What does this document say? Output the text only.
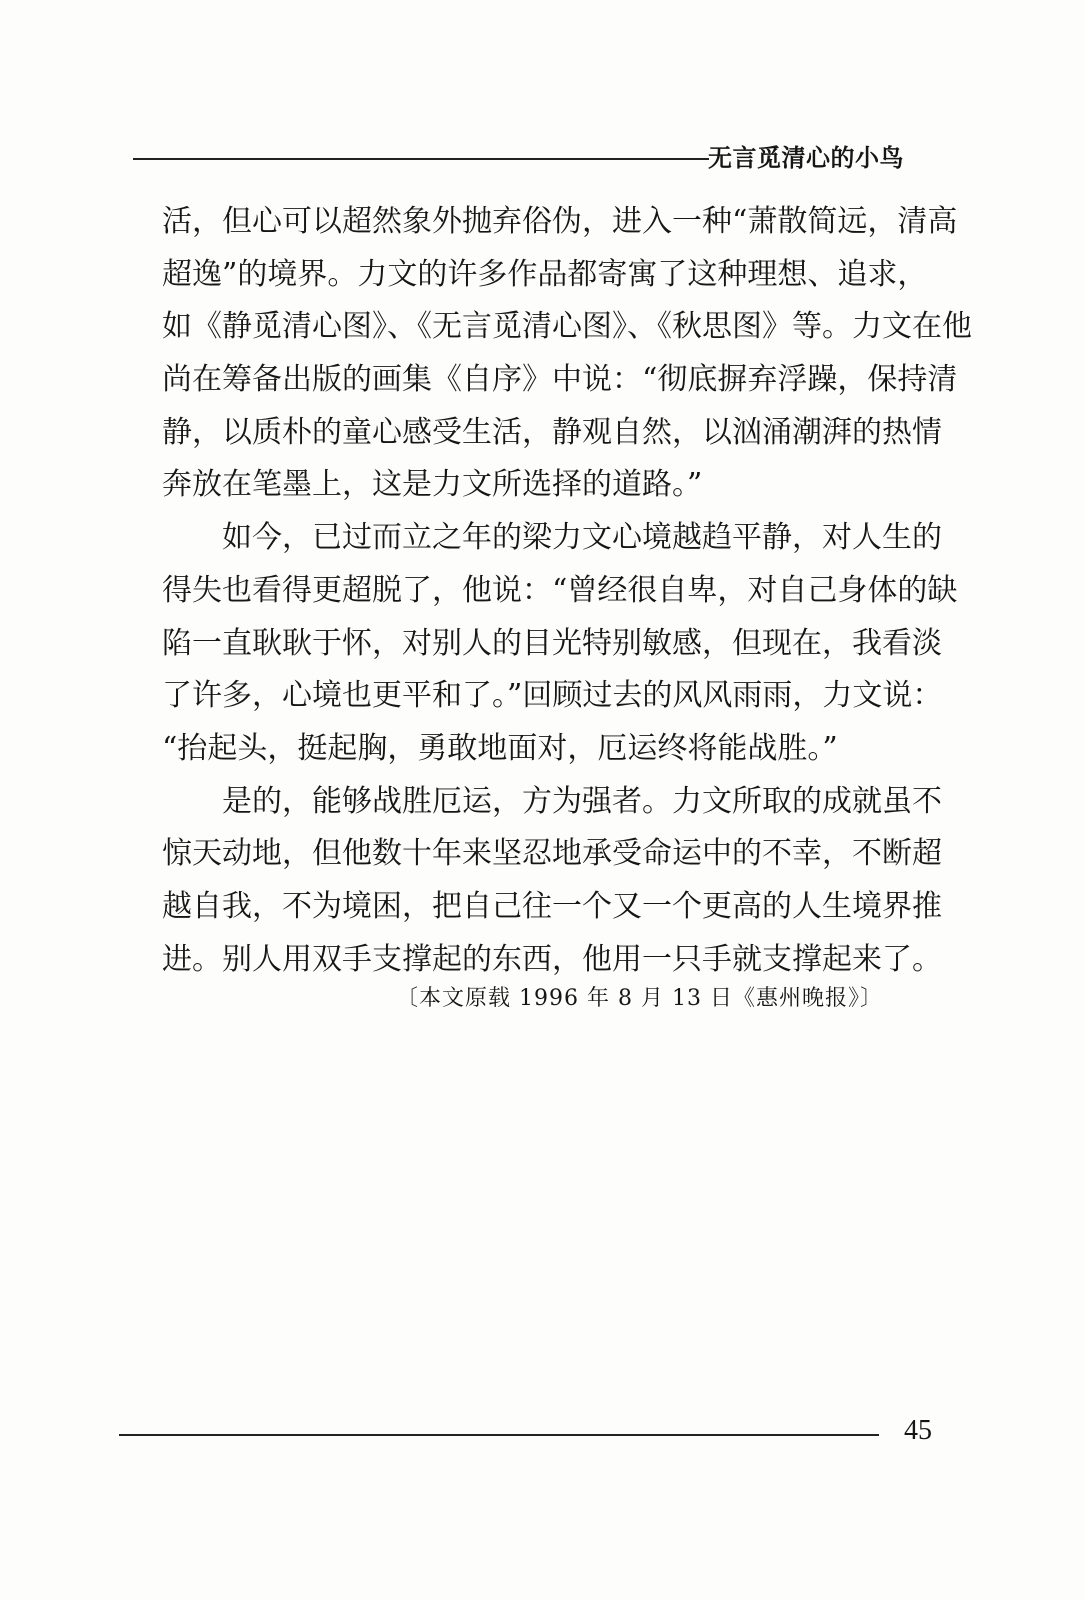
无言觅清心的小鸟
活，但心可以超然象外抛弃俗伪，进入一种“萧散简远，清高
超逸”的境界。力文的许多作品都寄寓了这种理想、追求，
如《静觅清心图》、《无言觅清心图》、《秋思图》等。力文在他
尚在筹备出版的画集《自序》中说：“彻底摒弃浮躁，保持清
静，以质朴的童心感受生活，静观自然，以汹涌潮湃的热情
奔放在笔墨上，这是力文所选择的道路。”
如今，已过而立之年的梁力文心境越趋平静，对人生的
得失也看得更超脱了，他说：“曾经很自卑，对自己身体的缺
陷一直耿耿于怀，对别人的目光特别敏感，但现在，我看淡
了许多，心境也更平和了。”回顾过去的风风雨雨，力文说：
“抬起头，挺起胸，勇敢地面对，厄运终将能战胜。”
是的，能够战胜厄运，方为强者。力文所取的成就虽不
惊天动地，但他数十年来坚忍地承受命运中的不幸，不断超
越自我，不为境困，把自己往一个又一个更高的人生境界推
进。别人用双手支撑起的东西，他用一只手就支撑起来了。
〔本文原载 1996 年 8 月 13 日《惠州晚报》〕
45
